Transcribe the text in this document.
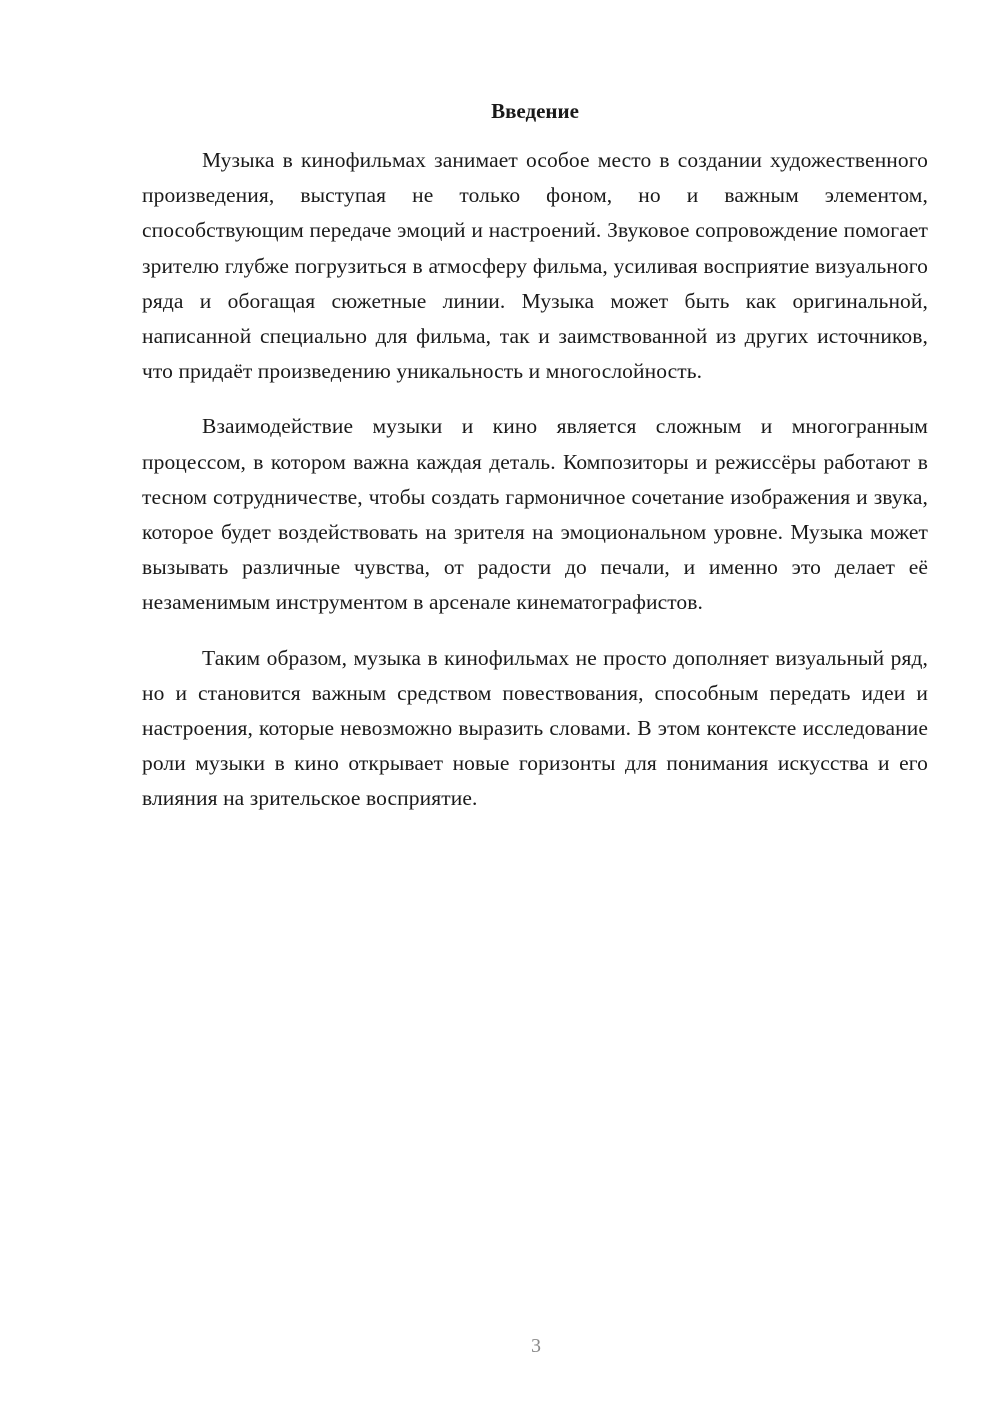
Введение

Музыка в кинофильмах занимает особое место в создании художественного произведения, выступая не только фоном, но и важным элементом, способствующим передаче эмоций и настроений. Звуковое сопровождение помогает зрителю глубже погрузиться в атмосферу фильма, усиливая восприятие визуального ряда и обогащая сюжетные линии. Музыка может быть как оригинальной, написанной специально для фильма, так и заимствованной из других источников, что придаёт произведению уникальность и многослойность.

Взаимодействие музыки и кино является сложным и многогранным процессом, в котором важна каждая деталь. Композиторы и режиссёры работают в тесном сотрудничестве, чтобы создать гармоничное сочетание изображения и звука, которое будет воздействовать на зрителя на эмоциональном уровне. Музыка может вызывать различные чувства, от радости до печали, и именно это делает её незаменимым инструментом в арсенале кинематографистов.

Таким образом, музыка в кинофильмах не просто дополняет визуальный ряд, но и становится важным средством повествования, способным передать идеи и настроения, которые невозможно выразить словами. В этом контексте исследование роли музыки в кино открывает новые горизонты для понимания искусства и его влияния на зрительское восприятие.

3
